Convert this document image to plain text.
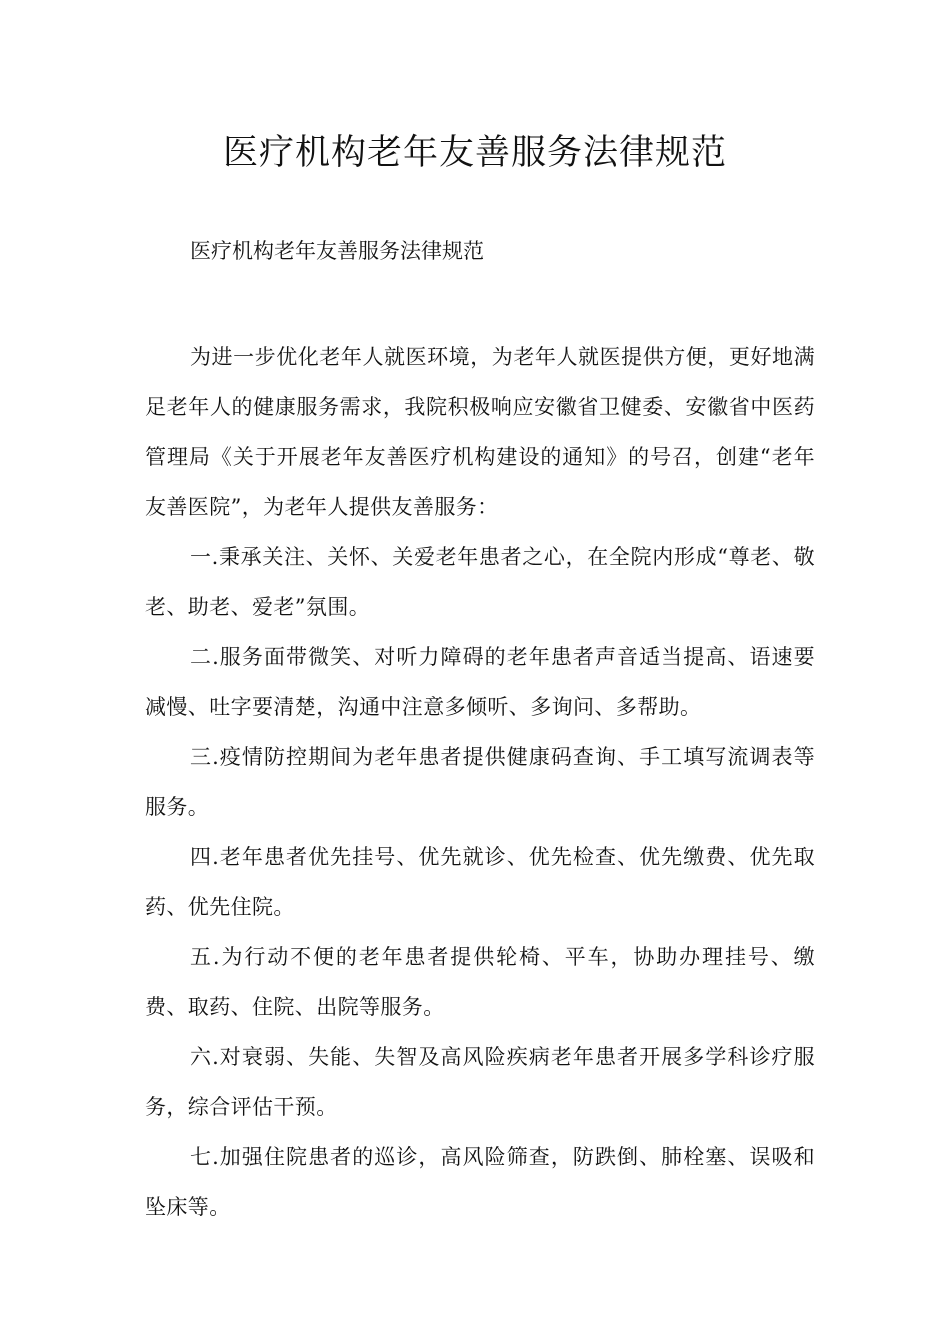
医疗机构老年友善服务法律规范

医疗机构老年友善服务法律规范

为进一步优化老年人就医环境，为老年人就医提供方便，更好地满足老年人的健康服务需求，我院积极响应安徽省卫健委、安徽省中医药管理局《关于开展老年友善医疗机构建设的通知》的号召，创建“老年友善医院”，为老年人提供友善服务：

一.秉承关注、关怀、关爱老年患者之心，在全院内形成“尊老、敬老、助老、爱老”氛围。

二.服务面带微笑、对听力障碍的老年患者声音适当提高、语速要减慢、吐字要清楚，沟通中注意多倾听、多询问、多帮助。

三.疫情防控期间为老年患者提供健康码查询、手工填写流调表等服务。

四.老年患者优先挂号、优先就诊、优先检查、优先缴费、优先取药、优先住院。

五.为行动不便的老年患者提供轮椅、平车，协助办理挂号、缴费、取药、住院、出院等服务。

六.对衰弱、失能、失智及高风险疾病老年患者开展多学科诊疗服务，综合评估干预。

七.加强住院患者的巡诊，高风险筛查，防跌倒、肺栓塞、误吸和坠床等。
